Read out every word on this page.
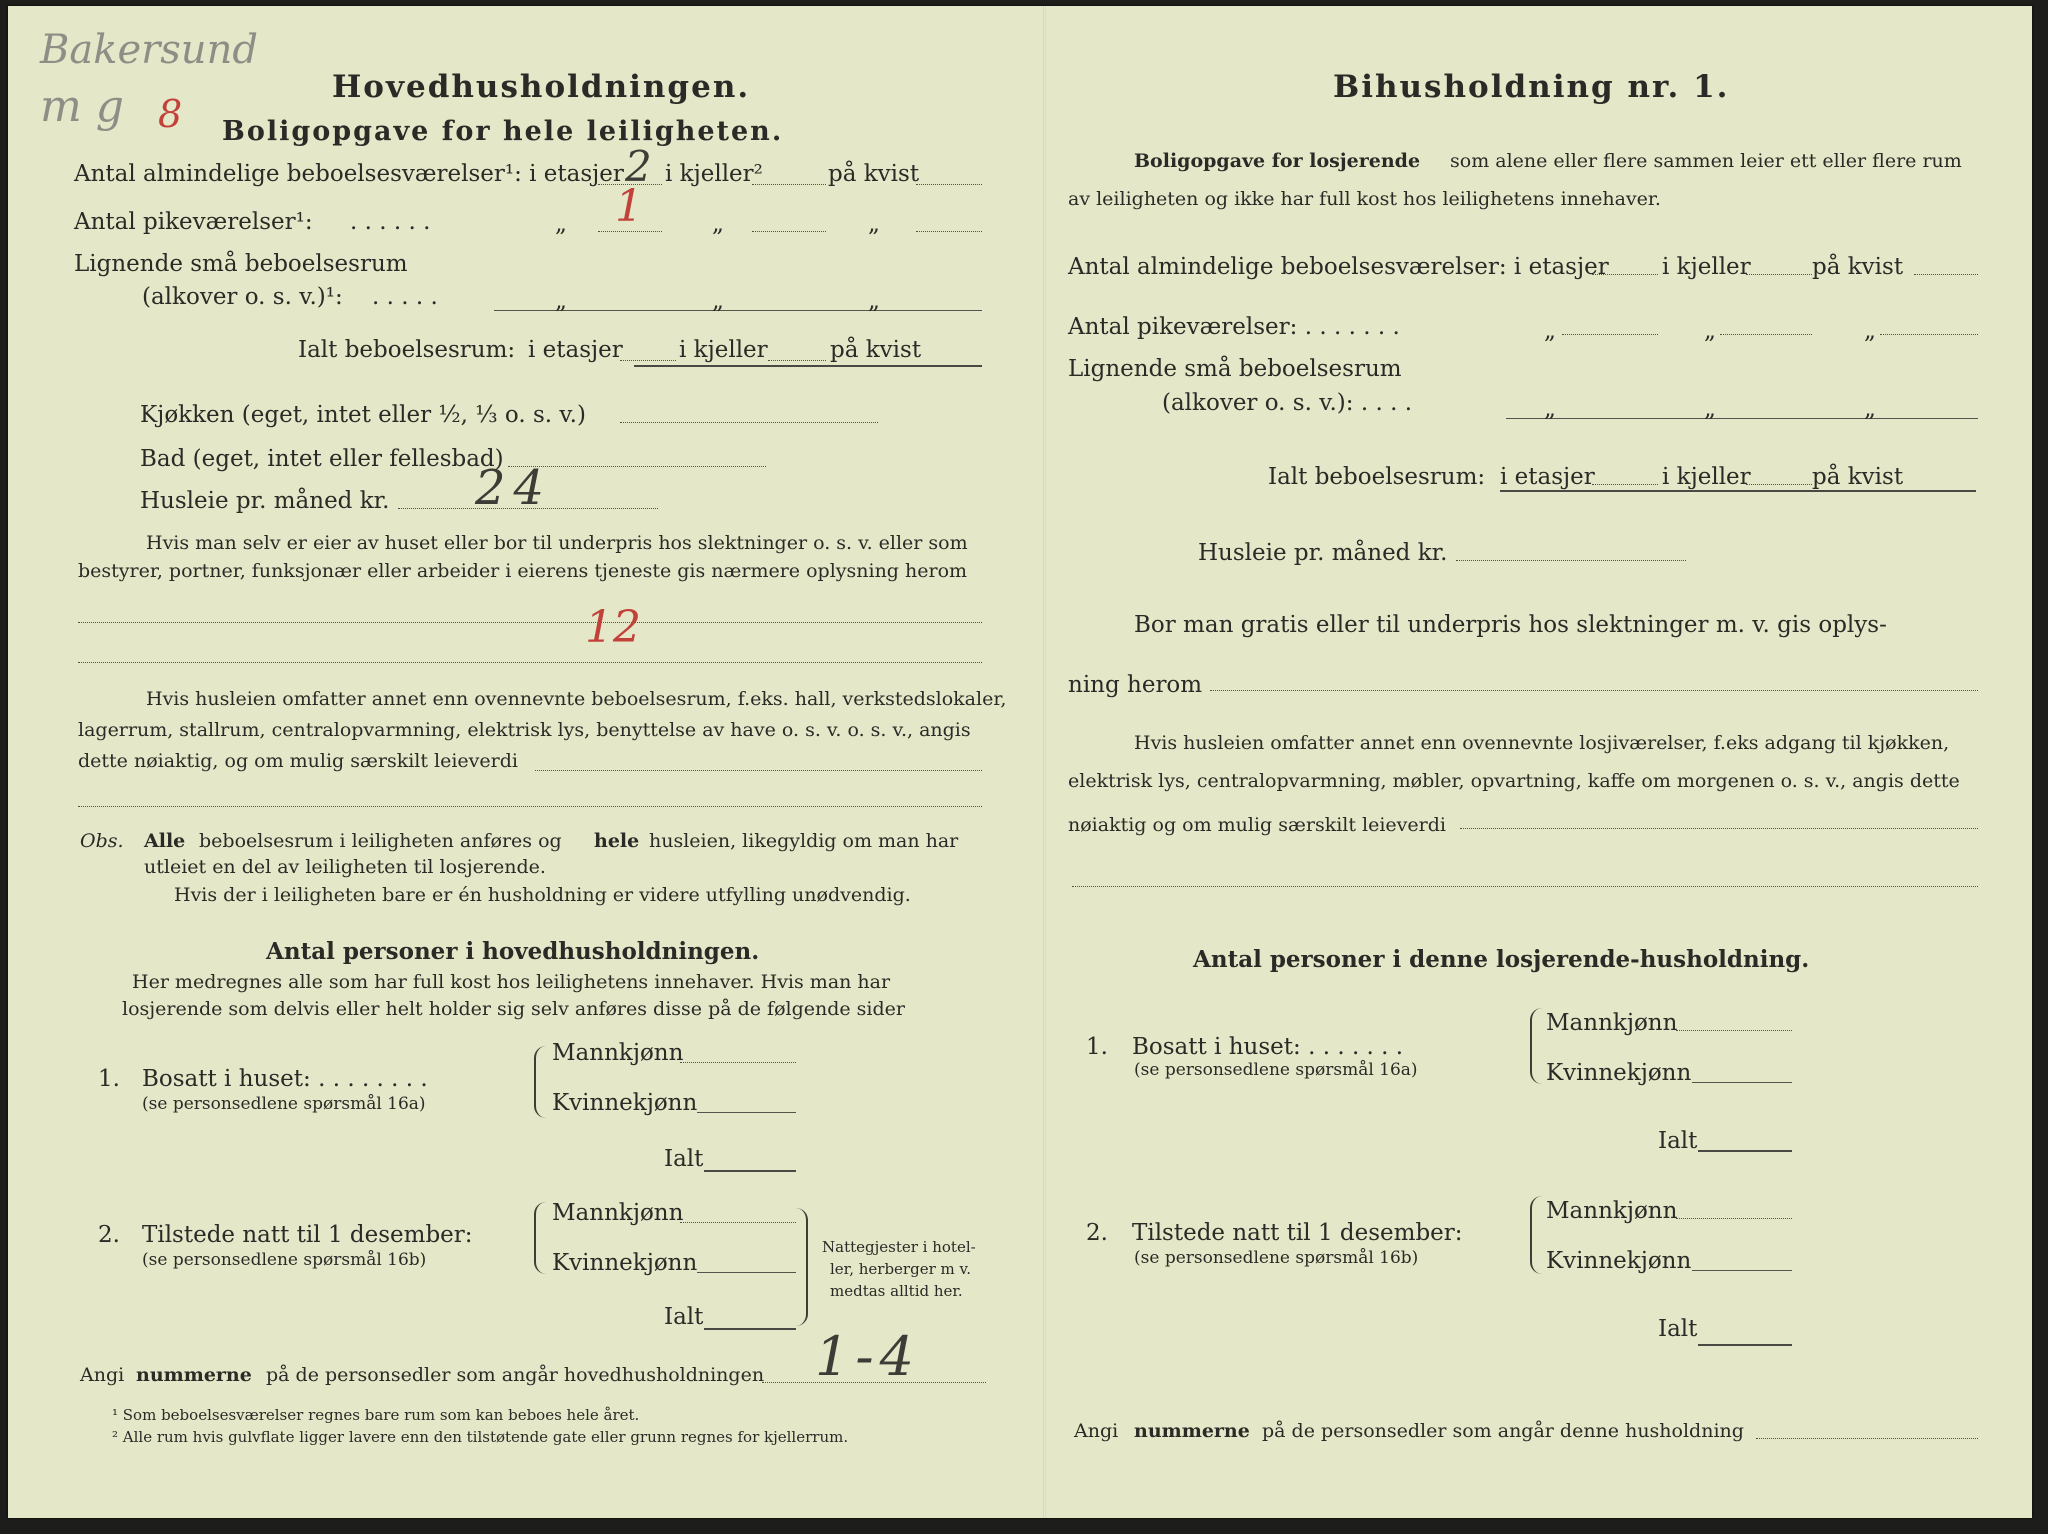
Bakersund
m g 8
Hovedhusholdningen.
Boligopgave for hele leiligheten.
Antal almindelige beboelsesværelser¹: i etasjer 2 i kjeller²	på kvist
Antal pikeværelser¹: . . . . . .	„ 1	„	„
Lignende små beboelsesrum
(alkover o. s. v.)¹: . . . . .	„	„	„
Ialt beboelsesrum: i etasjer i kjeller	på kvist
Kjøkken (eget, intet eller ½, ⅓ o. s. v.)
Bad (eget, intet eller fellesbad)
Husleie pr. måned kr. 24
Hvis man selv er eier av huset eller bor til underpris hos slektninger o. s. v. eller som
bestyrer, portner, funksjonær eller arbeider i eierens tjeneste gis nærmere oplysning herom
12
Hvis husleien omfatter annet enn ovennevnte beboelsesrum, f.eks. hall, verkstedslokaler,
lagerrum, stallrum, centralopvarmning, elektrisk lys, benyttelse av have o. s. v. o. s. v., angis
dette nøiaktig, og om mulig særskilt leieverdi
Obs. Alle beboelsesrum i leiligheten anføres og hele husleien, likegyldig om man har
utleiet en del av leiligheten til losjerende.
Hvis der i leiligheten bare er én husholdning er videre utfylling unødvendig.
Antal personer i hovedhusholdningen.
Her medregnes alle som har full kost hos leilighetens innehaver. Hvis man har
losjerende som delvis eller helt holder sig selv anføres disse på de følgende sider
1. Bosatt i huset: . . . . . . . .
(se personsedlene spørsmål 16a)
Mannkjønn
Kvinnekjønn
Ialt
2. Tilstede natt til 1 desember:
(se personsedlene spørsmål 16b)
Mannkjønn
Kvinnekjønn
Ialt
Nattegjester i hotel-
ler, herberger m v.
medtas alltid her.
Angi nummerne på de personsedler som angår hovedhusholdningen 1-4
¹ Som beboelsesværelser regnes bare rum som kan beboes hele året.
² Alle rum hvis gulvflate ligger lavere enn den tilstøtende gate eller grunn regnes for kjellerrum.
Bihusholdning nr. 1.
Boligopgave for losjerende som alene eller flere sammen leier ett eller flere rum
av leiligheten og ikke har full kost hos leilighetens innehaver.
Antal almindelige beboelsesværelser: i etasjer i kjeller	på kvist
Antal pikeværelser: . . . . . . .	„	„	„
Lignende små beboelsesrum
(alkover o. s. v.): . . . .	„	„	„
Ialt beboelsesrum: i etasjer	i kjeller	på kvist
Husleie pr. måned kr.
Bor man gratis eller til underpris hos slektninger m. v. gis oplys-
ning herom
Hvis husleien omfatter annet enn ovennevnte losjiværelser, f.eks adgang til kjøkken,
elektrisk lys, centralopvarmning, møbler, opvartning, kaffe om morgenen o. s. v., angis dette
nøiaktig og om mulig særskilt leieverdi
Antal personer i denne losjerende-husholdning.
1. Bosatt i huset: . . . . . . .
(se personsedlene spørsmål 16a)
Mannkjønn
Kvinnekjønn
Ialt
2. Tilstede natt til 1 desember:
(se personsedlene spørsmål 16b)
Mannkjønn
Kvinnekjønn
Ialt
Angi nummerne på de personsedler som angår denne husholdning
